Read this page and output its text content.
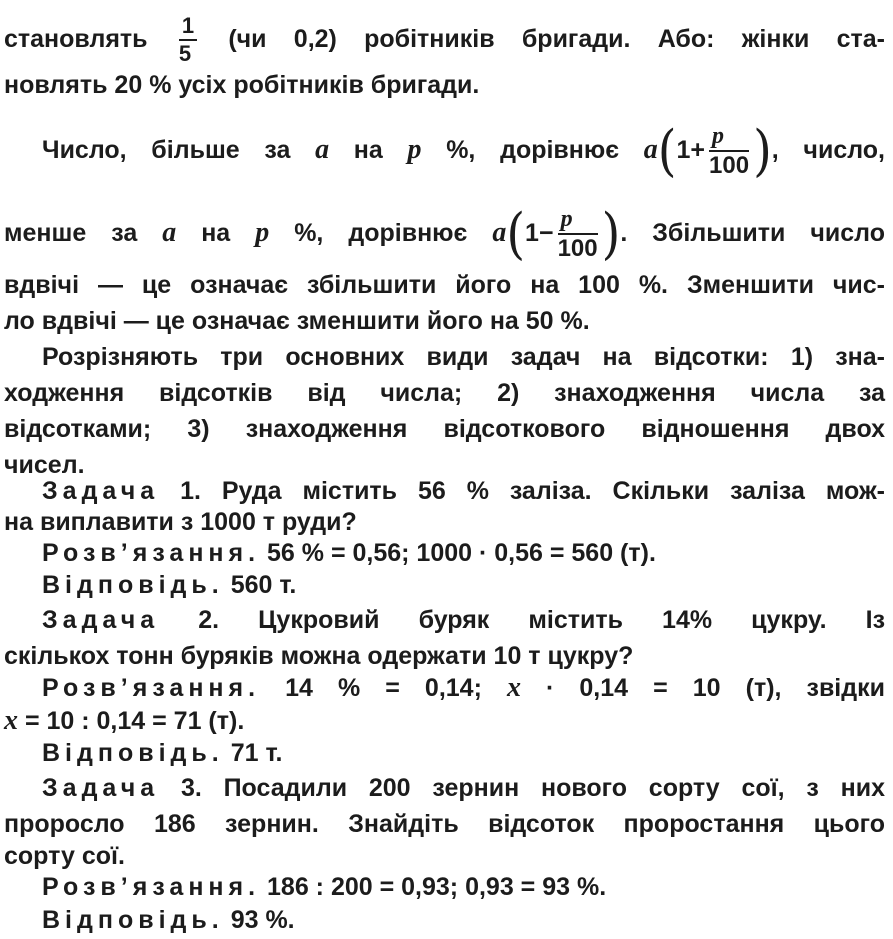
становлять $\frac{1}{5} (чи$ 0,2) робітників бригади. Або: жінки ста-
новлять 20 % усіх робітників бригади.
Число, більше за a на p %, дорівнює $a(1+ \frac{p}{100}$ ), число,
менше за a на p %, дорівнює $a(1- \frac{p}{100}$ ). Збільшити число
вдвічі — це означає збільшити його на 100 %. Зменшити чис-
ло вдвічі — це означає зменшити його на 50 %.
Розрізняють три основних види задач на відсотки: 1) зна-
ходження відсотків від числа; 2) знаходження числа за
відсотками; 3) знаходження відсоткового відношення двох
чисел.
Задача 1. Руда містить 56 % заліза. Скільки заліза мож-
на виплавити з 1000 т руди?
Розв’язання. 56 % = 0,56; 1000 · 0,56 = 560 (т).
Відповідь. 560 т.
Задача 2. Цукровий буряк містить 14% цукру. Із
скількох тонн буряків можна одержати 10 т цукру?
Розв’язання. 14 % = 0,14; x · 0,14 = 10 (т), звідки
x = 10 : 0,14 = 71 (т).
Відповідь. 71 т.
Задача 3. Посадили 200 зернин нового сорту сої, з них
проросло 186 зернин. Знайдіть відсоток проростання цього
сорту сої.
Розв’язання. 186 : 200 = 0,93; 0,93 = 93 %.
Відповідь. 93 %.
